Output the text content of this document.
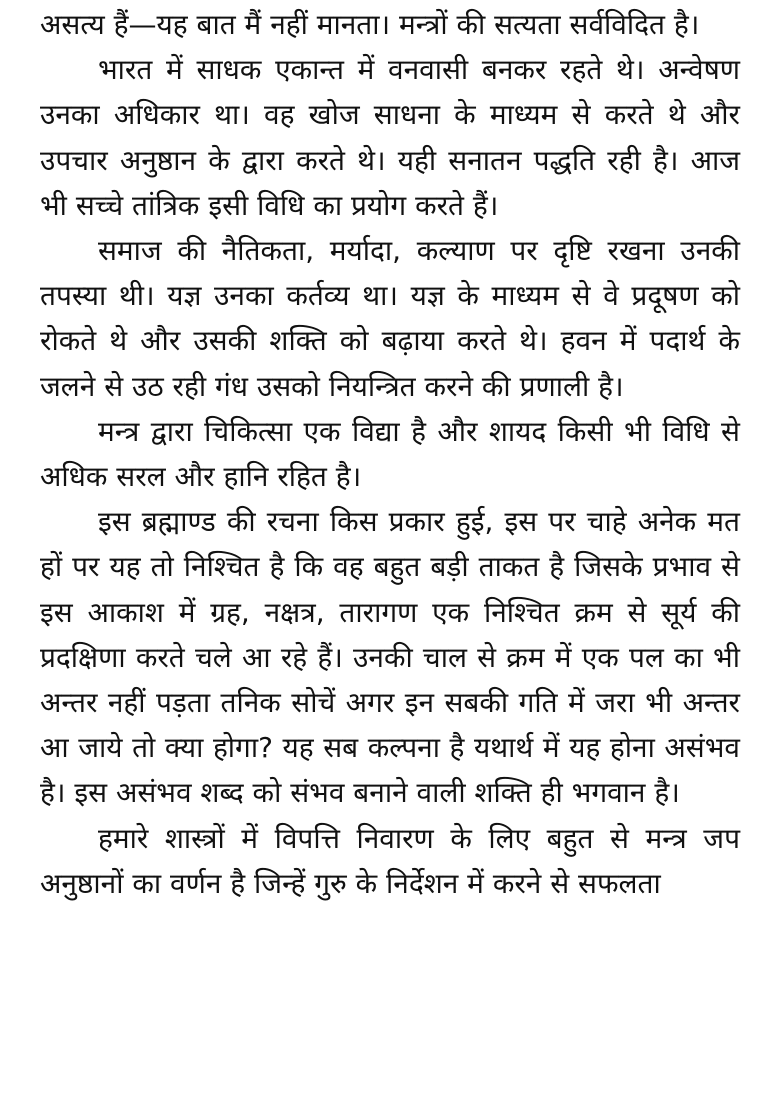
असत्य हैं—यह बात मैं नहीं मानता। मन्त्रों की सत्यता सर्वविदित है।

भारत में साधक एकान्त में वनवासी बनकर रहते थे। अन्वेषण उनका अधिकार था। वह खोज साधना के माध्यम से करते थे और उपचार अनुष्ठान के द्वारा करते थे। यही सनातन पद्धति रही है। आज भी सच्चे तांत्रिक इसी विधि का प्रयोग करते हैं।

समाज की नैतिकता, मर्यादा, कल्याण पर दृष्टि रखना उनकी तपस्या थी। यज्ञ उनका कर्तव्य था। यज्ञ के माध्यम से वे प्रदूषण को रोकते थे और उसकी शक्ति को बढ़ाया करते थे। हवन में पदार्थ के जलने से उठ रही गंध उसको नियन्त्रित करने की प्रणाली है।

मन्त्र द्वारा चिकित्सा एक विद्या है और शायद किसी भी विधि से अधिक सरल और हानि रहित है।

इस ब्रह्माण्ड की रचना किस प्रकार हुई, इस पर चाहे अनेक मत हों पर यह तो निश्चित है कि वह बहुत बड़ी ताकत है जिसके प्रभाव से इस आकाश में ग्रह, नक्षत्र, तारागण एक निश्चित क्रम से सूर्य की प्रदक्षिणा करते चले आ रहे हैं। उनकी चाल से क्रम में एक पल का भी अन्तर नहीं पड़ता तनिक सोचें अगर इन सबकी गति में जरा भी अन्तर आ जाये तो क्या होगा? यह सब कल्पना है यथार्थ में यह होना असंभव है। इस असंभव शब्द को संभव बनाने वाली शक्ति ही भगवान है।

हमारे शास्त्रों में विपत्ति निवारण के लिए बहुत से मन्त्र जप अनुष्ठानों का वर्णन है जिन्हें गुरु के निर्देशन में करने से सफलता
